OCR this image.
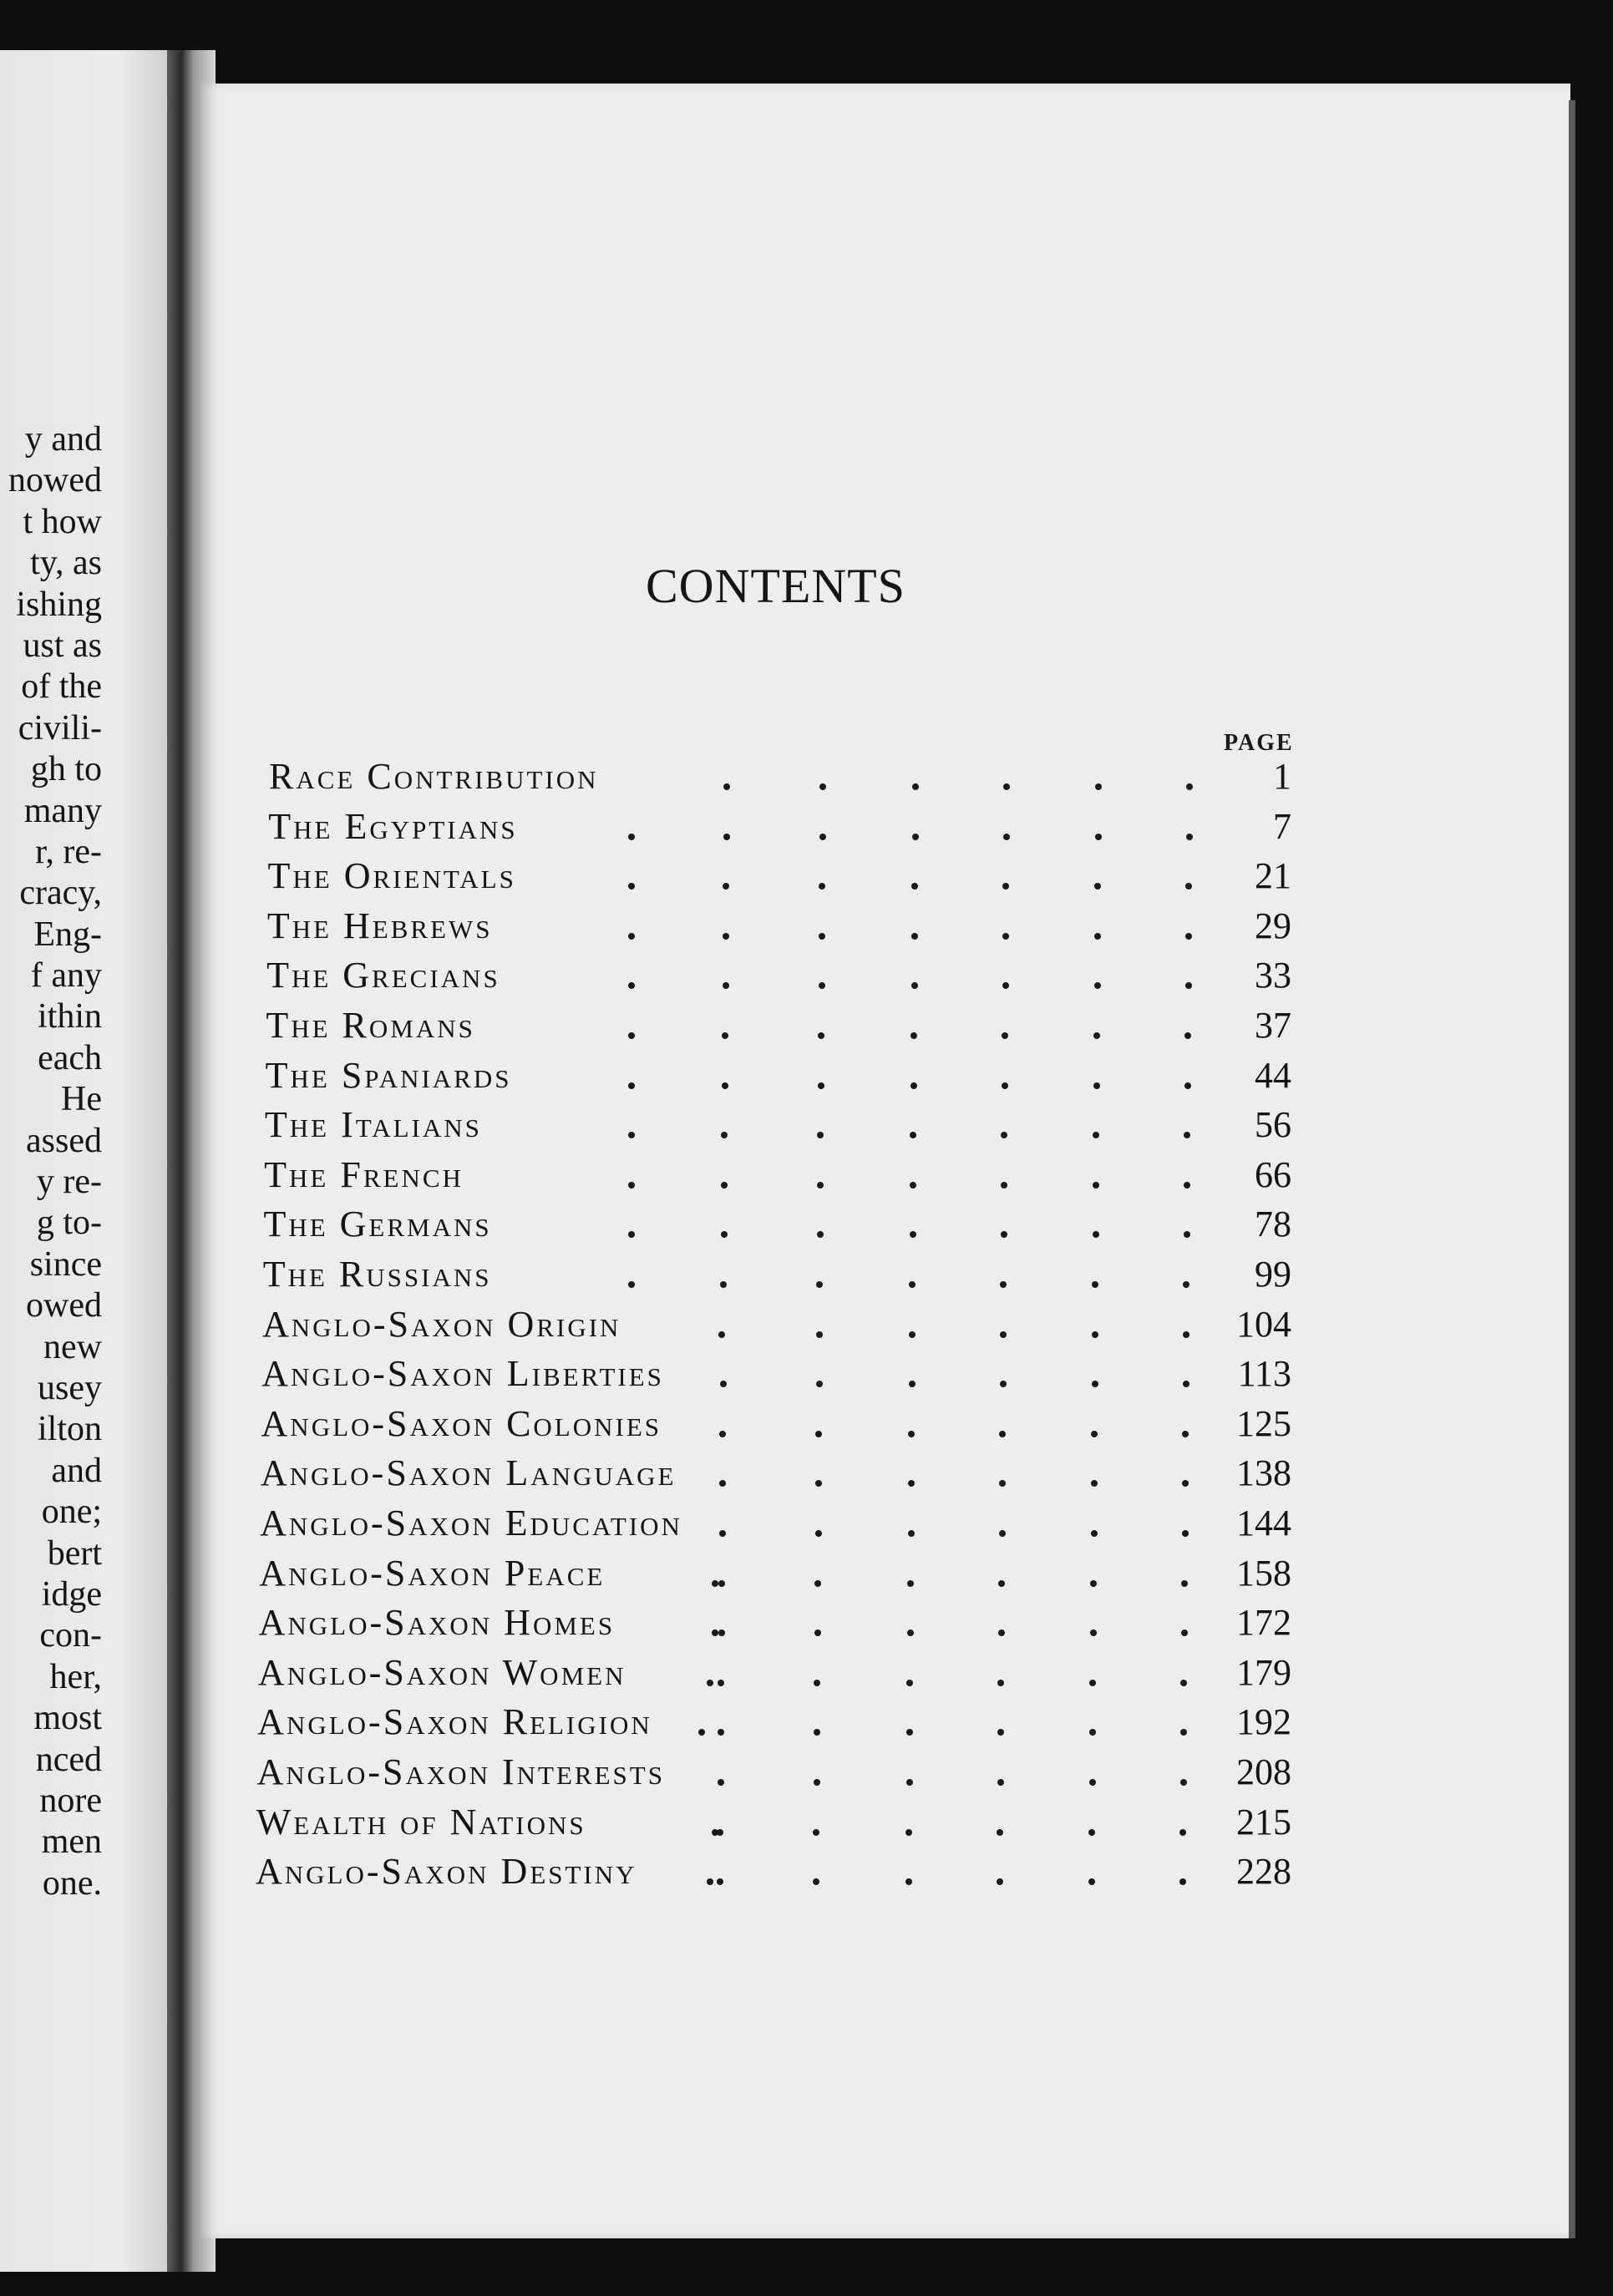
y and
nowed
t how
ty, as
ishing
ust as
of the
civili-
gh to
many
r, re-
cracy,
Eng-
f any
ithin
each
He
assed
y re-
g to-
since
owed
new
usey
ilton
and
one;
bert
idge
con-
her,
most
nced
nore
men
one.
CONTENTS
PAGE
Race Contribution	1
The Egyptians	7
The Orientals	21
The Hebrews	29
The Grecians	33
The Romans	37
The Spaniards	44
The Italians	56
The French	66
The Germans	78
The Russians	99
Anglo-Saxon Origin	104
Anglo-Saxon Liberties	113
Anglo-Saxon Colonies	125
Anglo-Saxon Language	138
Anglo-Saxon Education	144
Anglo-Saxon Peace	158
Anglo-Saxon Homes	172
Anglo-Saxon Women	179
Anglo-Saxon Religion	192
Anglo-Saxon Interests	208
Wealth of Nations	215
Anglo-Saxon Destiny	228
